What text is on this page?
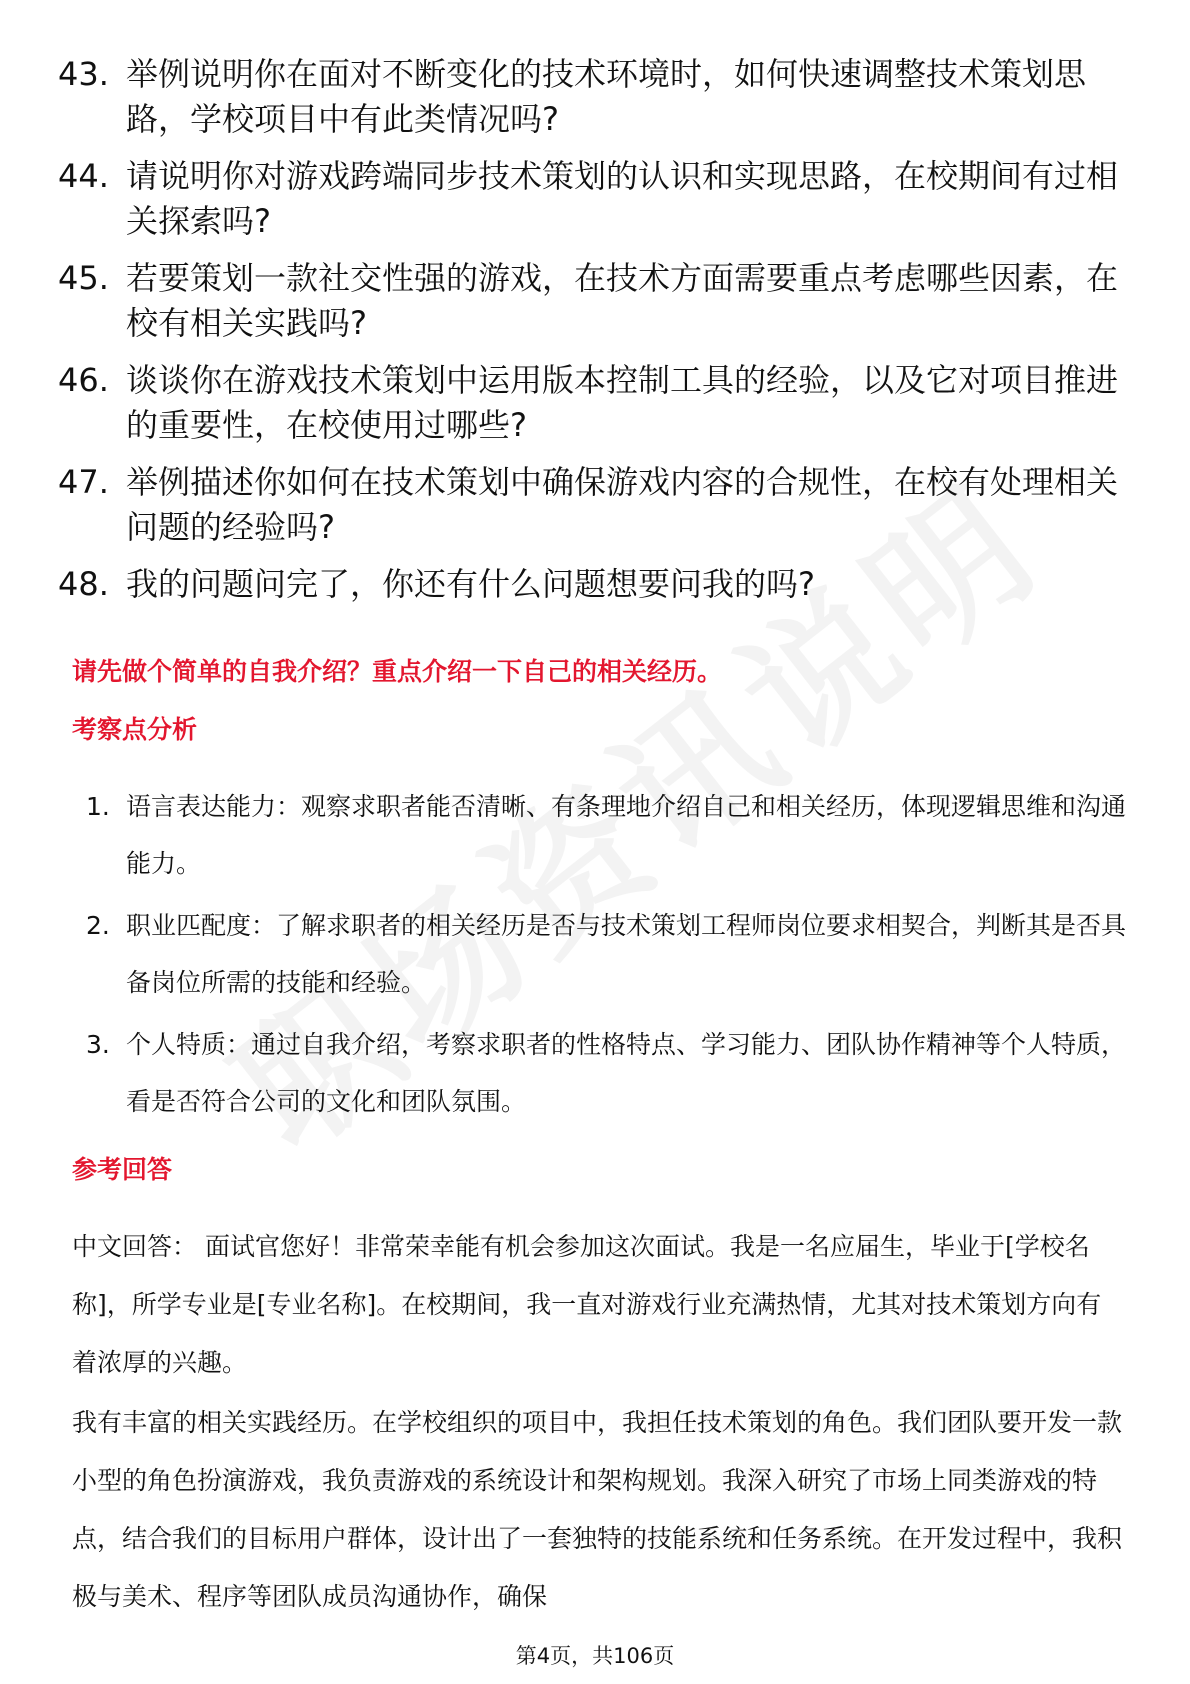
43. 举例说明你在面对不断变化的技术环境时，如何快速调整技术策划思路，学校项目中有此类情况吗?
44. 请说明你对游戏跨端同步技术策划的认识和实现思路，在校期间有过相关探索吗?
45. 若要策划一款社交性强的游戏，在技术方面需要重点考虑哪些因素，在校有相关实践吗?
46. 谈谈你在游戏技术策划中运用版本控制工具的经验，以及它对项目推进的重要性，在校使用过哪些?
47. 举例描述你如何在技术策划中确保游戏内容的合规性，在校有处理相关问题的经验吗?
48. 我的问题问完了，你还有什么问题想要问我的吗?
请先做个简单的自我介绍？重点介绍一下自己的相关经历。
考察点分析
1. 语言表达能力：观察求职者能否清晰、有条理地介绍自己和相关经历，体现逻辑思维和沟通能力。
2. 职业匹配度：了解求职者的相关经历是否与技术策划工程师岗位要求相契合，判断其是否具备岗位所需的技能和经验。
3. 个人特质：通过自我介绍，考察求职者的性格特点、学习能力、团队协作精神等个人特质，看是否符合公司的文化和团队氛围。
参考回答

中文回答： 面试官您好！非常荣幸能有机会参加这次面试。我是一名应届生，毕业于[学校名称]，所学专业是[专业名称]。在校期间，我一直对游戏行业充满热情，尤其对技术策划方向有着浓厚的兴趣。

我有丰富的相关实践经历。在学校组织的项目中，我担任技术策划的角色。我们团队要开发一款小型的角色扮演游戏，我负责游戏的系统设计和架构规划。我深入研究了市场上同类游戏的特点，结合我们的目标用户群体，设计出了一套独特的技能系统和任务系统。在开发过程中，我积极与美术、程序等团队成员沟通协作，确保

第4页，共106页
